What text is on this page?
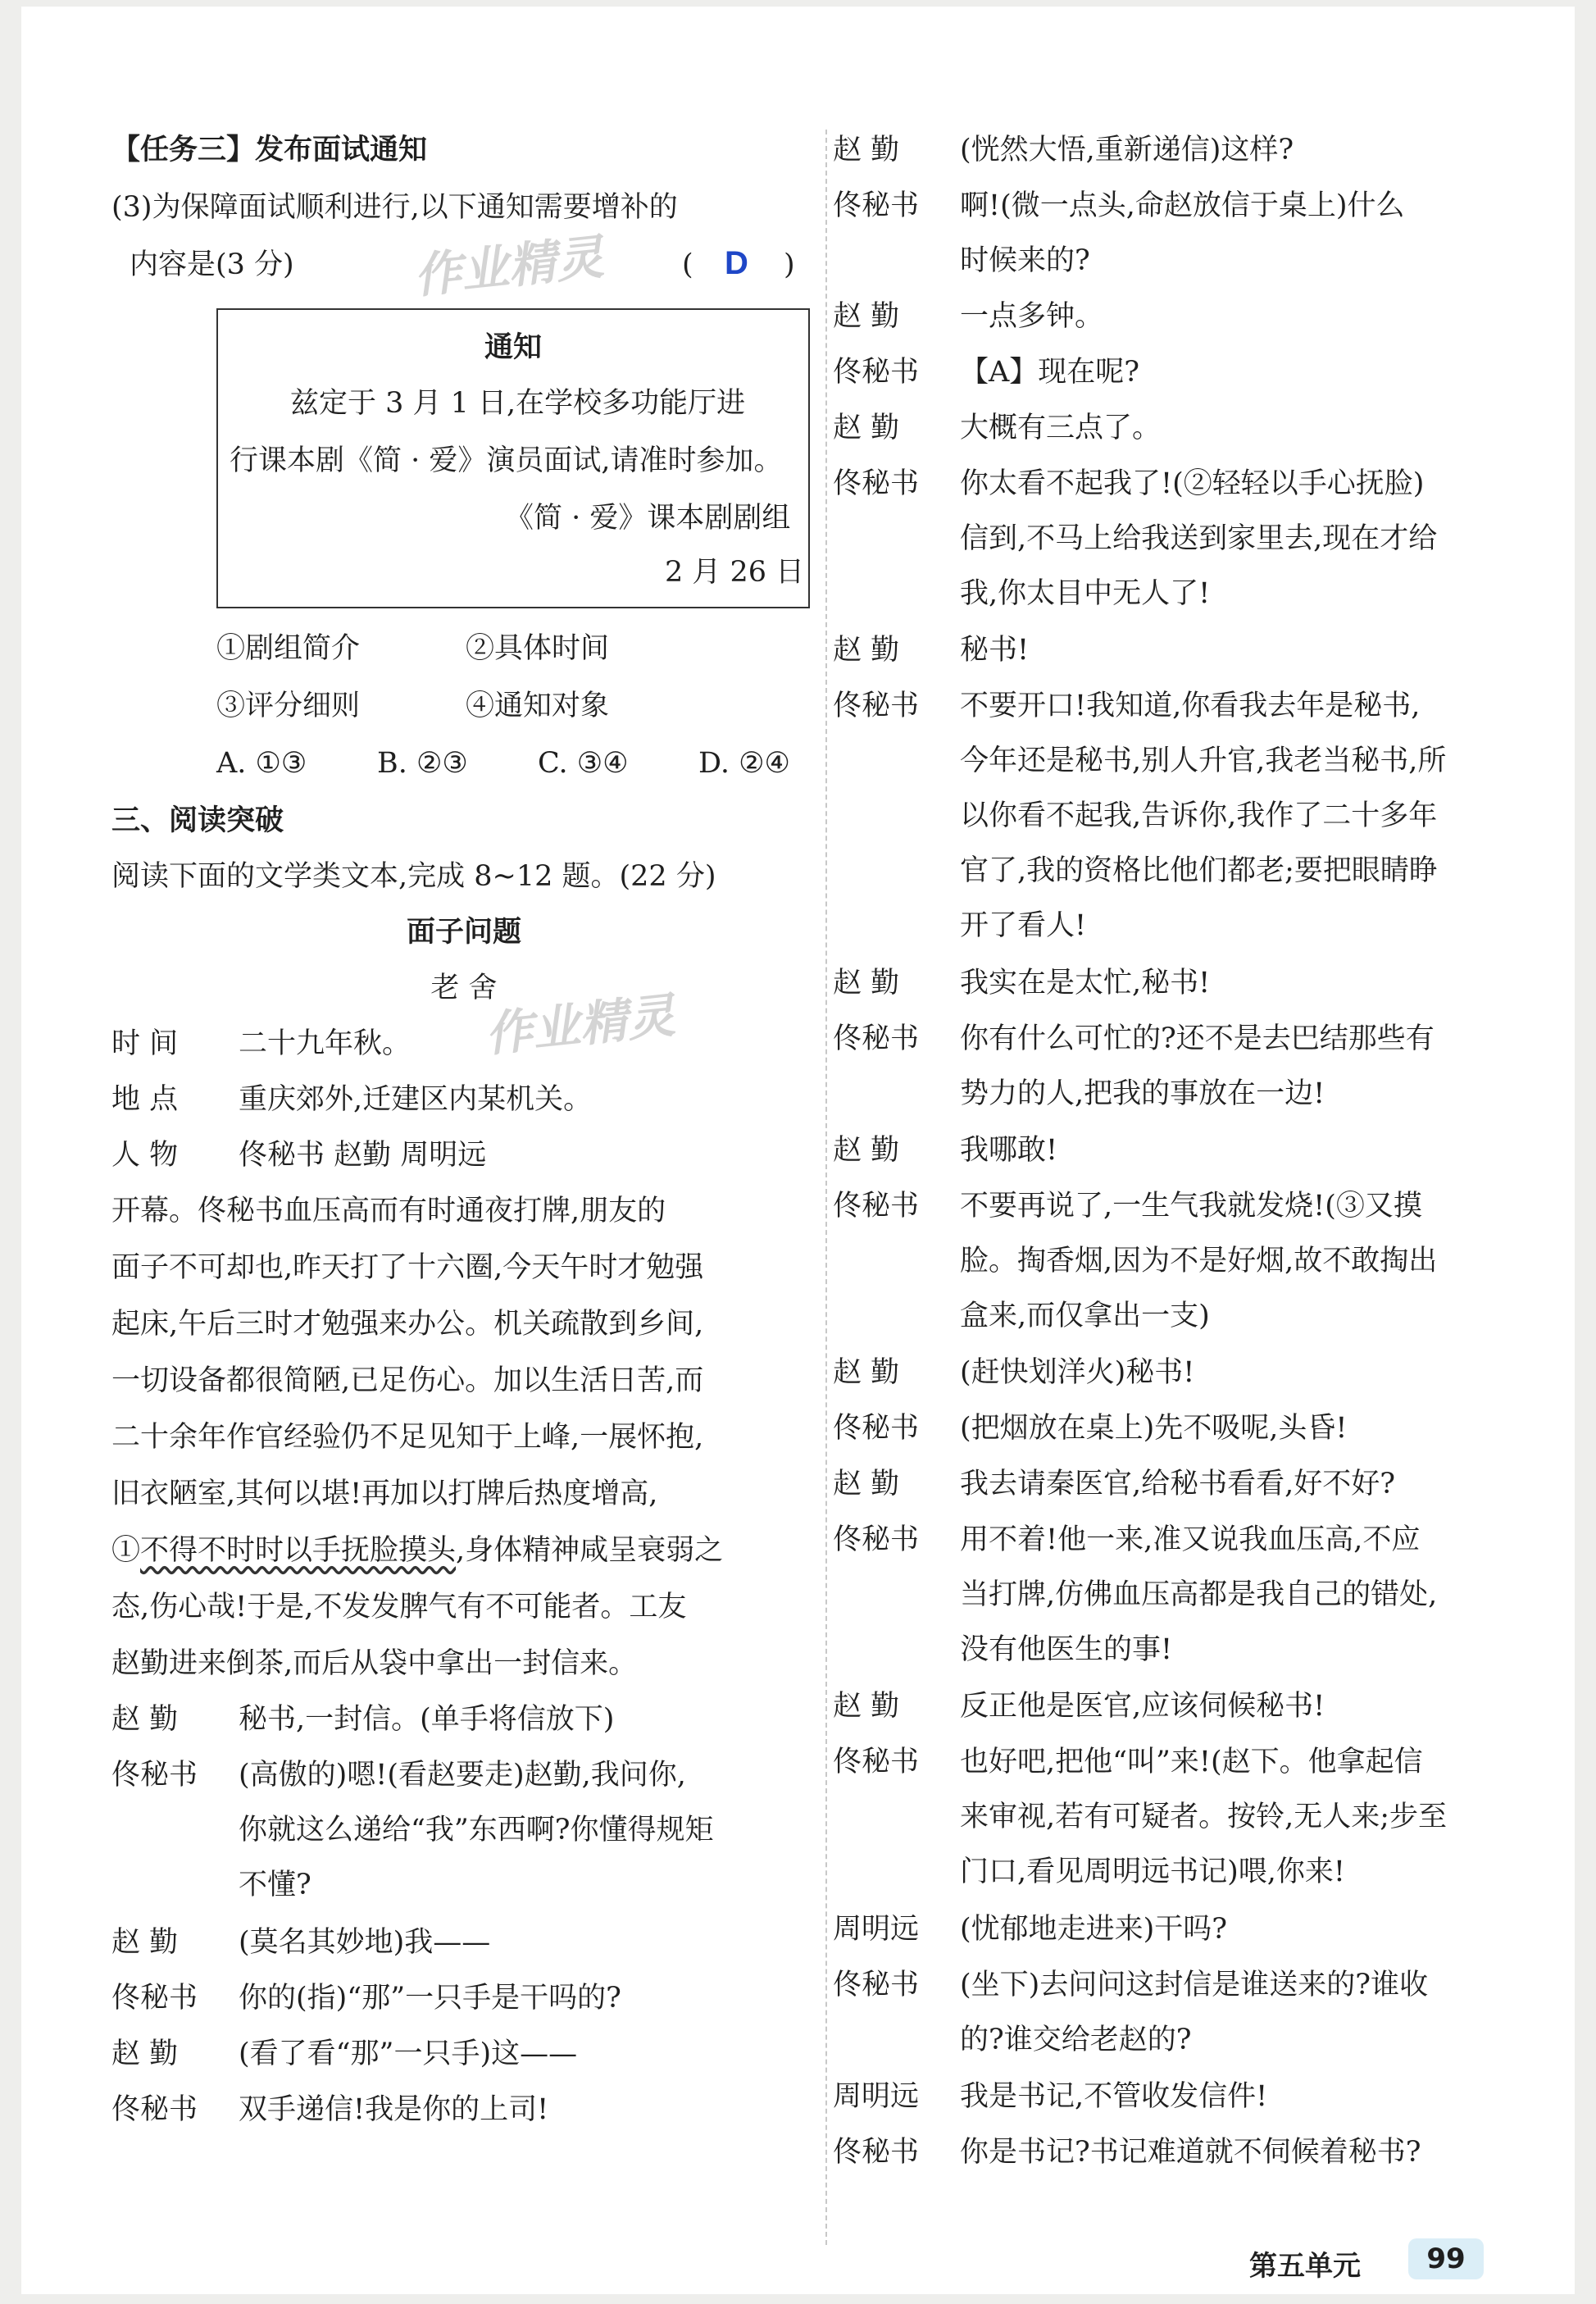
【任务三】发布面试通知
(3)为保障面试顺利进行,以下通知需要增补的
内容是(3 分) 作业精灵	( D )
通知
兹定于 3 月 1 日,在学校多功能厅进
行课本剧《简 · 爱》演员面试,请准时参加。
《简 · 爱》课本剧剧组
2 月 26 日
①剧组简介	②具体时间
③评分细则	④通知对象
A. ①③ B. ②③ C. ③④ D. ②④
三、阅读突破
阅读下面的文学类文本,完成 8~12 题。(22 分)
面子问题
老 舍
作业精灵
时 间 二十九年秋。
地 点 重庆郊外,迁建区内某机关。
人 物 佟秘书 赵勤 周明远
开幕。佟秘书血压高而有时通夜打牌,朋友的
面子不可却也,昨天打了十六圈,今天午时才勉强
起床,午后三时才勉强来办公。机关疏散到乡间,
一切设备都很简陋,已足伤心。加以生活日苦,而
二十余年作官经验仍不足见知于上峰,一展怀抱,
旧衣陋室,其何以堪!再加以打牌后热度增高,
①不得不时时以手抚脸摸头,身体精神咸呈衰弱之
态,伤心哉!于是,不发发脾气有不可能者。工友
赵勤进来倒茶,而后从袋中拿出一封信来。
赵 勤	秘书,一封信。(单手将信放下)
佟秘书	(高傲的)嗯!(看赵要走)赵勤,我问你,
你就这么递给“我”东西啊?你懂得规矩
不懂?
赵 勤	(莫名其妙地)我——
佟秘书	你的(指)“那”一只手是干吗的?
赵 勤	(看了看“那”一只手)这——
佟秘书	双手递信!我是你的上司!
赵 勤	(恍然大悟,重新递信)这样?
佟秘书	啊!(微一点头,命赵放信于桌上)什么
时候来的?
赵 勤	一点多钟。
佟秘书	【A】现在呢?
赵 勤	大概有三点了。
佟秘书	你太看不起我了!(②轻轻以手心抚脸)
信到,不马上给我送到家里去,现在才给
我,你太目中无人了!
赵 勤	秘书!
佟秘书	不要开口!我知道,你看我去年是秘书,
今年还是秘书,别人升官,我老当秘书,所
以你看不起我,告诉你,我作了二十多年
官了,我的资格比他们都老;要把眼睛睁
开了看人!
赵 勤	我实在是太忙,秘书!
佟秘书	你有什么可忙的?还不是去巴结那些有
势力的人,把我的事放在一边!
赵 勤	我哪敢!
佟秘书	不要再说了,一生气我就发烧!(③又摸
脸。掏香烟,因为不是好烟,故不敢掏出
盒来,而仅拿出一支)
赵 勤	(赶快划洋火)秘书!
佟秘书	(把烟放在桌上)先不吸呢,头昏!
赵 勤	我去请秦医官,给秘书看看,好不好?
佟秘书	用不着!他一来,准又说我血压高,不应
当打牌,仿佛血压高都是我自己的错处,
没有他医生的事!
赵 勤	反正他是医官,应该伺候秘书!
佟秘书	也好吧,把他“叫”来!(赵下。他拿起信
来审视,若有可疑者。按铃,无人来;步至
门口,看见周明远书记)喂,你来!
周明远	(忧郁地走进来)干吗?
佟秘书	(坐下)去问问这封信是谁送来的?谁收
的?谁交给老赵的?
周明远	我是书记,不管收发信件!
佟秘书	你是书记?书记难道就不伺候着秘书?
第五单元	99
